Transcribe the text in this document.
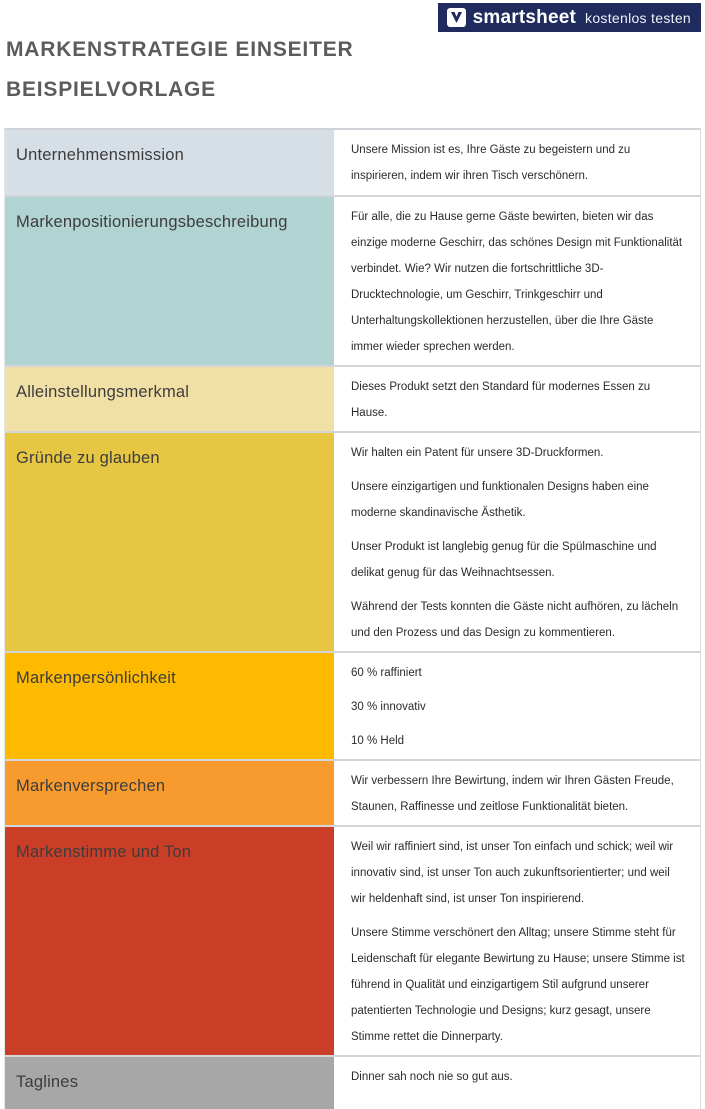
smartsheet kostenlos testen
MARKENSTRATEGIE EINSEITER
BEISPIELVORLAGE
Unternehmensmission	Unsere Mission ist es, Ihre Gäste zu begeistern und zu inspirieren, indem wir ihren Tisch verschönern.

Markenpositionierungsbeschreibung	Für alle, die zu Hause gerne Gäste bewirten, bieten wir das einzige moderne Geschirr, das schönes Design mit Funktionalität verbindet. Wie? Wir nutzen die fortschrittliche 3D-Drucktechnologie, um Geschirr, Trinkgeschirr und Unterhaltungskollektionen herzustellen, über die Ihre Gäste immer wieder sprechen werden.

Alleinstellungsmerkmal	Dieses Produkt setzt den Standard für modernes Essen zu Hause.

Gründe zu glauben	Wir halten ein Patent für unsere 3D-Druckformen.

Unsere einzigartigen und funktionalen Designs haben eine moderne skandinavische Ästhetik.

Unser Produkt ist langlebig genug für die Spülmaschine und delikat genug für das Weihnachtsessen.

Während der Tests konnten die Gäste nicht aufhören, zu lächeln und den Prozess und das Design zu kommentieren.

Markenpersönlichkeit	60 % raffiniert

30 % innovativ

10 % Held

Markenversprechen	Wir verbessern Ihre Bewirtung, indem wir Ihren Gästen Freude, Staunen, Raffinesse und zeitlose Funktionalität bieten.

Markenstimme und Ton	Weil wir raffiniert sind, ist unser Ton einfach und schick; weil wir innovativ sind, ist unser Ton auch zukunftsorientierter; und weil wir heldenhaft sind, ist unser Ton inspirierend.

Unsere Stimme verschönert den Alltag; unsere Stimme steht für Leidenschaft für elegante Bewirtung zu Hause; unsere Stimme ist führend in Qualität und einzigartigem Stil aufgrund unserer patentierten Technologie und Designs; kurz gesagt, unsere Stimme rettet die Dinnerparty.

Taglines	Dinner sah noch nie so gut aus.
